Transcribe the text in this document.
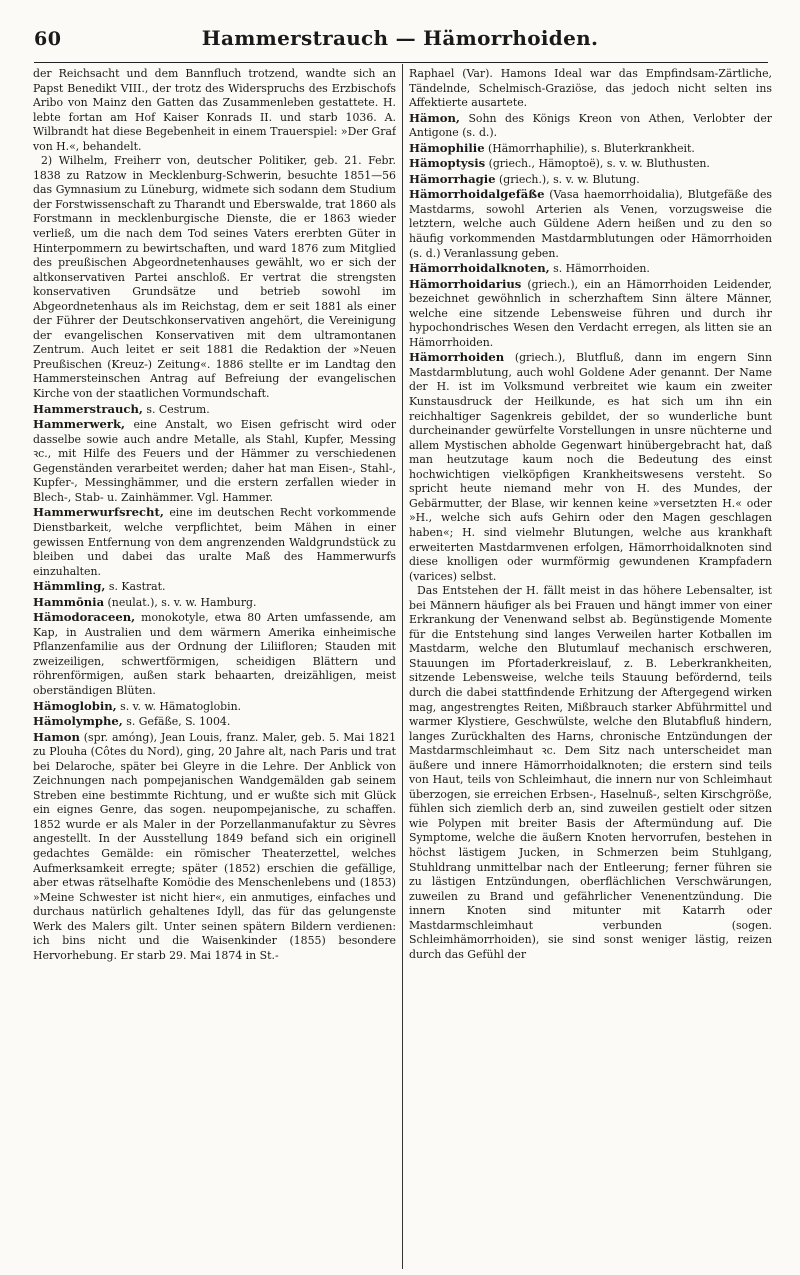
60	Hammerstrauch — Hämorrhoiden.

der Reichsacht und dem Bannfluch trotzend, wandte sich an Papst Benedikt VIII., der trotz des Widerspruchs des Erzbischofs Aribo von Mainz den Gatten das Zusammenleben gestattete. H. lebte fortan am Hof Kaiser Konrads II. und starb 1036. A. Wilbrandt hat diese Begebenheit in einem Trauerspiel: »Der Graf von H.«, behandelt.

2) Wilhelm, Freiherr von, deutscher Politiker, geb. 21. Febr. 1838 zu Ratzow in Mecklenburg-Schwerin, besuchte 1851—56 das Gymnasium zu Lüneburg, widmete sich sodann dem Studium der Forstwissenschaft zu Tharandt und Eberswalde, trat 1860 als Forstmann in mecklenburgische Dienste, die er 1863 wieder verließ, um die nach dem Tod seines Vaters ererbten Güter in Hinterpommern zu bewirtschaften, und ward 1876 zum Mitglied des preußischen Abgeordnetenhauses gewählt, wo er sich der altkonservativen Partei anschloß. Er vertrat die strengsten konservativen Grundsätze und betrieb sowohl im Abgeordnetenhaus als im Reichstag, dem er seit 1881 als einer der Führer der Deutschkonservativen angehört, die Vereinigung der evangelischen Konservativen mit dem ultramontanen Zentrum. Auch leitet er seit 1881 die Redaktion der »Neuen Preußischen (Kreuz-) Zeitung«. 1886 stellte er im Landtag den Hammersteinschen Antrag auf Befreiung der evangelischen Kirche von der staatlichen Vormundschaft.

Hammerstrauch, s. Cestrum.

Hammerwerk, eine Anstalt, wo Eisen gefrischt wird oder dasselbe sowie auch andre Metalle, als Stahl, Kupfer, Messing ꝛc., mit Hilfe des Feuers und der Hämmer zu verschiedenen Gegenständen verarbeitet werden; daher hat man Eisen-, Stahl-, Kupfer-, Messinghämmer, und die erstern zerfallen wieder in Blech-, Stab- u. Zainhämmer. Vgl. Hammer.

Hammerwurfsrecht, eine im deutschen Recht vorkommende Dienstbarkeit, welche verpflichtet, beim Mähen in einer gewissen Entfernung von dem angrenzenden Waldgrundstück zu bleiben und dabei das uralte Maß des Hammerwurfs einzuhalten.

Hämmling, s. Kastrat.

Hammōnia (neulat.), s. v. w. Hamburg.

Hämodoraceen, monokotyle, etwa 80 Arten umfassende, am Kap, in Australien und dem wärmern Amerika einheimische Pflanzenfamilie aus der Ordnung der Liliifloren; Stauden mit zweizeiligen, schwertförmigen, scheidigen Blättern und röhrenförmigen, außen stark behaarten, dreizähligen, meist oberständigen Blüten.

Hämoglobin, s. v. w. Hämatoglobin.

Hämolymphe, s. Gefäße, S. 1004.

Hamon (spr. amóng), Jean Louis, franz. Maler, geb. 5. Mai 1821 zu Plouha (Côtes du Nord), ging, 20 Jahre alt, nach Paris und trat bei Delaroche, später bei Gleyre in die Lehre. Der Anblick von Zeichnungen nach pompejanischen Wandgemälden gab seinem Streben eine bestimmte Richtung, und er wußte sich mit Glück ein eignes Genre, das sogen. neupompejanische, zu schaffen. 1852 wurde er als Maler in der Porzellanmanufaktur zu Sèvres angestellt. In der Ausstellung 1849 befand sich ein originell gedachtes Gemälde: ein römischer Theaterzettel, welches Aufmerksamkeit erregte; später (1852) erschien die gefällige, aber etwas rätselhafte Komödie des Menschenlebens und (1853) »Meine Schwester ist nicht hier«, ein anmutiges, einfaches und durchaus natürlich gehaltenes Idyll, das für das gelungenste Werk des Malers gilt. Unter seinen spätern Bildern verdienen: ich bins nicht und die Waisenkinder (1855) besondere Hervorhebung. Er starb 29. Mai 1874 in St.-

Raphael (Var). Hamons Ideal war das Empfindsam-Zärtliche, Tändelnde, Schelmisch-Graziöse, das jedoch nicht selten ins Affektierte ausartete.

Hämon, Sohn des Königs Kreon von Athen, Verlobter der Antigone (s. d.).

Hämophilie (Hämorrhaphilie), s. Bluterkrankheit.

Hämoptysis (griech., Hämoptoë), s. v. w. Bluthusten.

Hämorrhagie (griech.), s. v. w. Blutung.

Hämorrhoidalgefäße (Vasa haemorrhoidalia), Blutgefäße des Mastdarms, sowohl Arterien als Venen, vorzugsweise die letztern, welche auch Güldene Adern heißen und zu den so häufig vorkommenden Mastdarmblutungen oder Hämorrhoiden (s. d.) Veranlassung geben.

Hämorrhoidalknoten, s. Hämorrhoiden.

Hämorrhoidarius (griech.), ein an Hämorrhoiden Leidender, bezeichnet gewöhnlich in scherzhaftem Sinn ältere Männer, welche eine sitzende Lebensweise führen und durch ihr hypochondrisches Wesen den Verdacht erregen, als litten sie an Hämorrhoiden.

Hämorrhoiden (griech.), Blutfluß, dann im engern Sinn Mastdarmblutung, auch wohl Goldene Ader genannt. Der Name der H. ist im Volksmund verbreitet wie kaum ein zweiter Kunstausdruck der Heilkunde, es hat sich um ihn ein reichhaltiger Sagenkreis gebildet, der so wunderliche bunt durcheinander gewürfelte Vorstellungen in unsre nüchterne und allem Mystischen abholde Gegenwart hinübergebracht hat, daß man heutzutage kaum noch die Bedeutung des einst hochwichtigen vielköpfigen Krankheitswesens versteht. So spricht heute niemand mehr von H. des Mundes, der Gebärmutter, der Blase, wir kennen keine »versetzten H.« oder »H., welche sich aufs Gehirn oder den Magen geschlagen haben«; H. sind vielmehr Blutungen, welche aus krankhaft erweiterten Mastdarmvenen erfolgen, Hämorrhoidalknoten sind diese knolligen oder wurmförmig gewundenen Krampfadern (varices) selbst.

Das Entstehen der H. fällt meist in das höhere Lebensalter, ist bei Männern häufiger als bei Frauen und hängt immer von einer Erkrankung der Venenwand selbst ab. Begünstigende Momente für die Entstehung sind langes Verweilen harter Kotballen im Mastdarm, welche den Blutumlauf mechanisch erschweren, Stauungen im Pfortaderkreislauf, z. B. Leberkrankheiten, sitzende Lebensweise, welche teils Stauung befördernd, teils durch die dabei stattfindende Erhitzung der Aftergegend wirken mag, angestrengtes Reiten, Mißbrauch starker Abführmittel und warmer Klystiere, Geschwülste, welche den Blutabfluß hindern, langes Zurückhalten des Harns, chronische Entzündungen der Mastdarmschleimhaut ꝛc. Dem Sitz nach unterscheidet man äußere und innere Hämorrhoidalknoten; die erstern sind teils von Haut, teils von Schleimhaut, die innern nur von Schleimhaut überzogen, sie erreichen Erbsen-, Haselnuß-, selten Kirschgröße, fühlen sich ziemlich derb an, sind zuweilen gestielt oder sitzen wie Polypen mit breiter Basis der Aftermündung auf. Die Symptome, welche die äußern Knoten hervorrufen, bestehen in höchst lästigem Jucken, in Schmerzen beim Stuhlgang, Stuhldrang unmittelbar nach der Entleerung; ferner führen sie zu lästigen Entzündungen, oberflächlichen Verschwärungen, zuweilen zu Brand und gefährlicher Venenentzündung. Die innern Knoten sind mitunter mit Katarrh oder Mastdarmschleimhaut verbunden (sogen. Schleimhämorrhoiden), sie sind sonst weniger lästig, reizen durch das Gefühl der
